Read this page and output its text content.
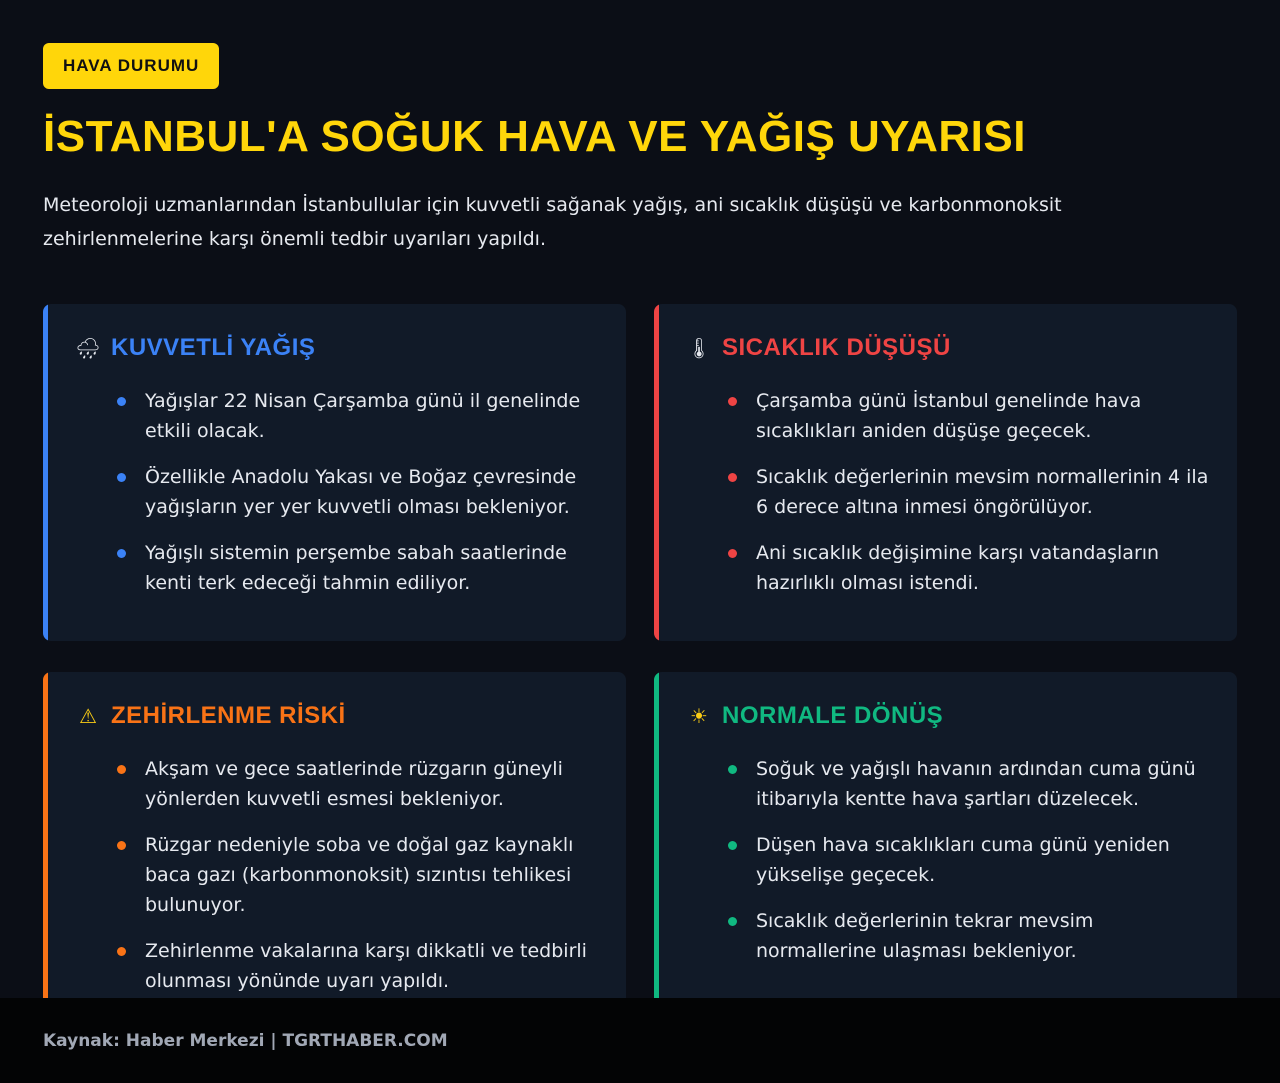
HAVA DURUMU
İSTANBUL'A SOĞUK HAVA VE YAĞIŞ UYARISI

Meteoroloji uzmanlarından İstanbullular için kuvvetli sağanak yağış, ani sıcaklık düşüşü ve karbonmonoksit zehirlenmelerine karşı önemli tedbir uyarıları yapıldı.

🌧 KUVVETLİ YAĞIŞ
Yağışlar 22 Nisan Çarşamba günü il genelinde etkili olacak.
Özellikle Anadolu Yakası ve Boğaz çevresinde yağışların yer yer kuvvetli olması bekleniyor.
Yağışlı sistemin perşembe sabah saatlerinde kenti terk edeceği tahmin ediliyor.
🌡 SICAKLIK DÜŞÜŞÜ
Çarşamba günü İstanbul genelinde hava sıcaklıkları aniden düşüşe geçecek.
Sıcaklık değerlerinin mevsim normallerinin 4 ila 6 derece altına inmesi öngörülüyor.
Ani sıcaklık değişimine karşı vatandaşların hazırlıklı olması istendi.
⚠ ZEHİRLENME RİSKİ
Akşam ve gece saatlerinde rüzgarın güneyli yönlerden kuvvetli esmesi bekleniyor.
Rüzgar nedeniyle soba ve doğal gaz kaynaklı baca gazı (karbonmonoksit) sızıntısı tehlikesi bulunuyor.
Zehirlenme vakalarına karşı dikkatli ve tedbirli olunması yönünde uyarı yapıldı.
☀ NORMALE DÖNÜŞ
Soğuk ve yağışlı havanın ardından cuma günü itibarıyla kentte hava şartları düzelecek.
Düşen hava sıcaklıkları cuma günü yeniden yükselişe geçecek.
Sıcaklık değerlerinin tekrar mevsim normallerine ulaşması bekleniyor.
Kaynak: Haber Merkezi | TGRTHABER.COM
